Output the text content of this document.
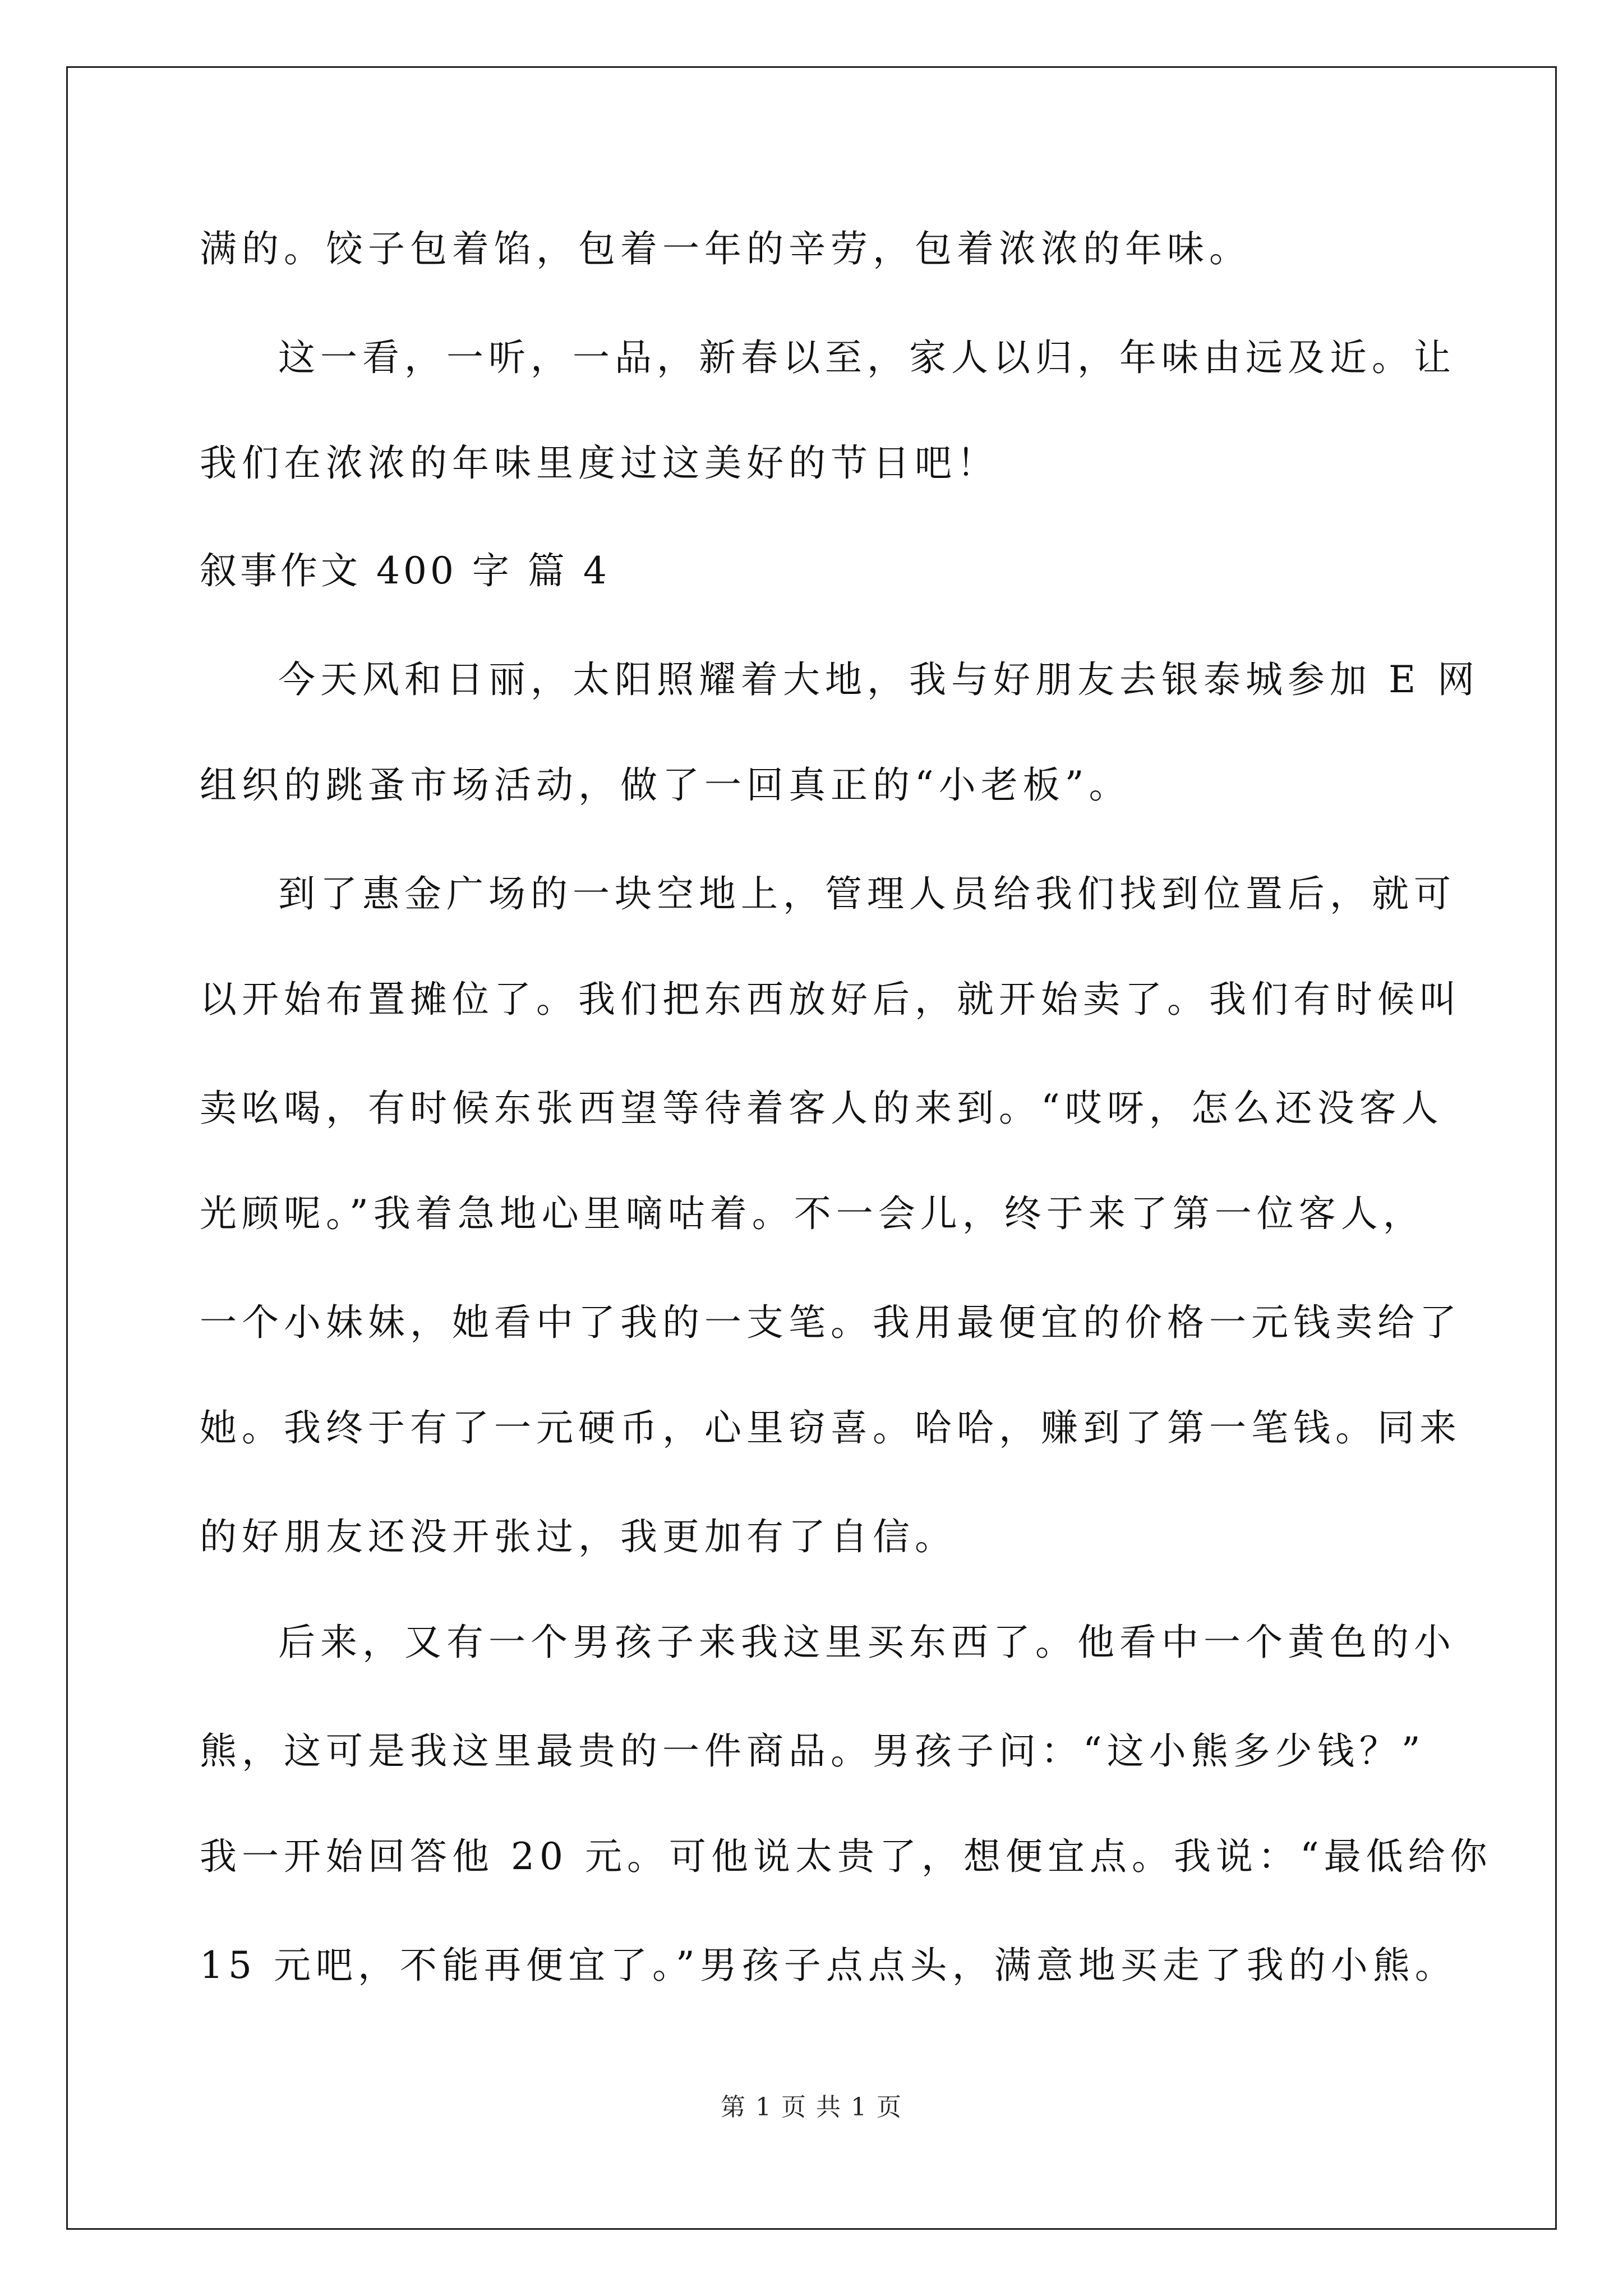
满的。饺子包着馅，包着一年的辛劳，包着浓浓的年味。
这一看，一听，一品，新春以至，家人以归，年味由远及近。让
我们在浓浓的年味里度过这美好的节日吧！
叙事作文 400 字 篇 4
今天风和日丽，太阳照耀着大地，我与好朋友去银泰城参加 E 网
组织的跳蚤市场活动，做了一回真正的“小老板”。
到了惠金广场的一块空地上，管理人员给我们找到位置后，就可
以开始布置摊位了。我们把东西放好后，就开始卖了。我们有时候叫
卖吆喝，有时候东张西望等待着客人的来到。“哎呀，怎么还没客人
光顾呢。”我着急地心里嘀咕着。不一会儿，终于来了第一位客人，
一个小妹妹，她看中了我的一支笔。我用最便宜的价格一元钱卖给了
她。我终于有了一元硬币，心里窃喜。哈哈，赚到了第一笔钱。同来
的好朋友还没开张过，我更加有了自信。
后来，又有一个男孩子来我这里买东西了。他看中一个黄色的小
熊，这可是我这里最贵的一件商品。男孩子问：“这小熊多少钱？”
我一开始回答他 20 元。可他说太贵了，想便宜点。我说：“最低给你
15 元吧，不能再便宜了。”男孩子点点头，满意地买走了我的小熊。
第 1 页 共 1 页
